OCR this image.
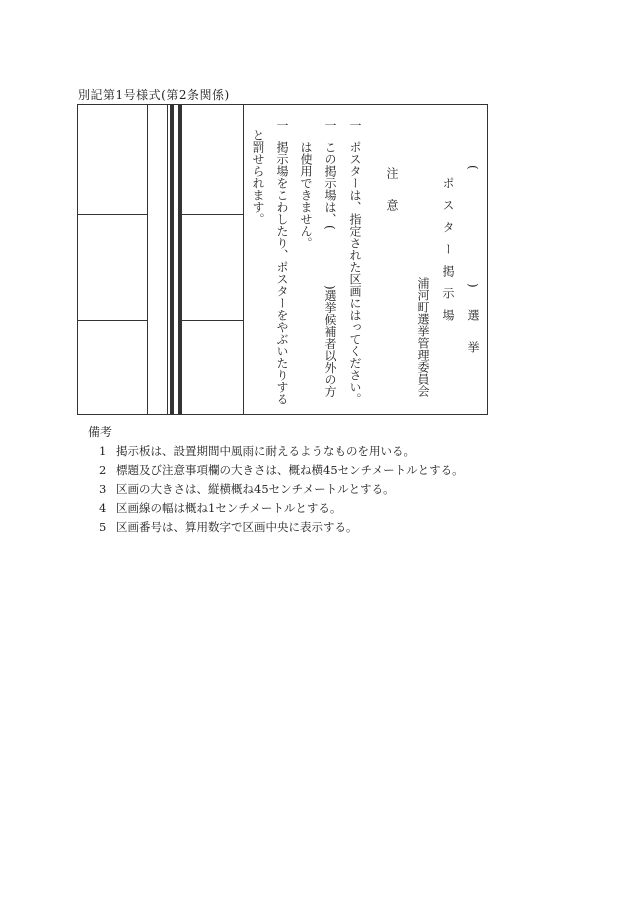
別記第1号様式(第2条関係)
(
)
選　挙
ポスター掲示場
浦河町選挙管理委員会
注　意
一
ポスターは、指定された区画にはってください。
一
この掲示場は、(
)選挙候補者以外の方
は使用できません。
一
掲示場をこわしたり、ポスターをやぶいたりする
と罰せられます。
備考
1 掲示板は、設置期間中風雨に耐えるようなものを用いる。
2 標題及び注意事項欄の大きさは、概ね横45センチメートルとする。
3 区画の大きさは、縦横概ね45センチメートルとする。
4 区画線の幅は概ね1センチメートルとする。
5 区画番号は、算用数字で区画中央に表示する。
